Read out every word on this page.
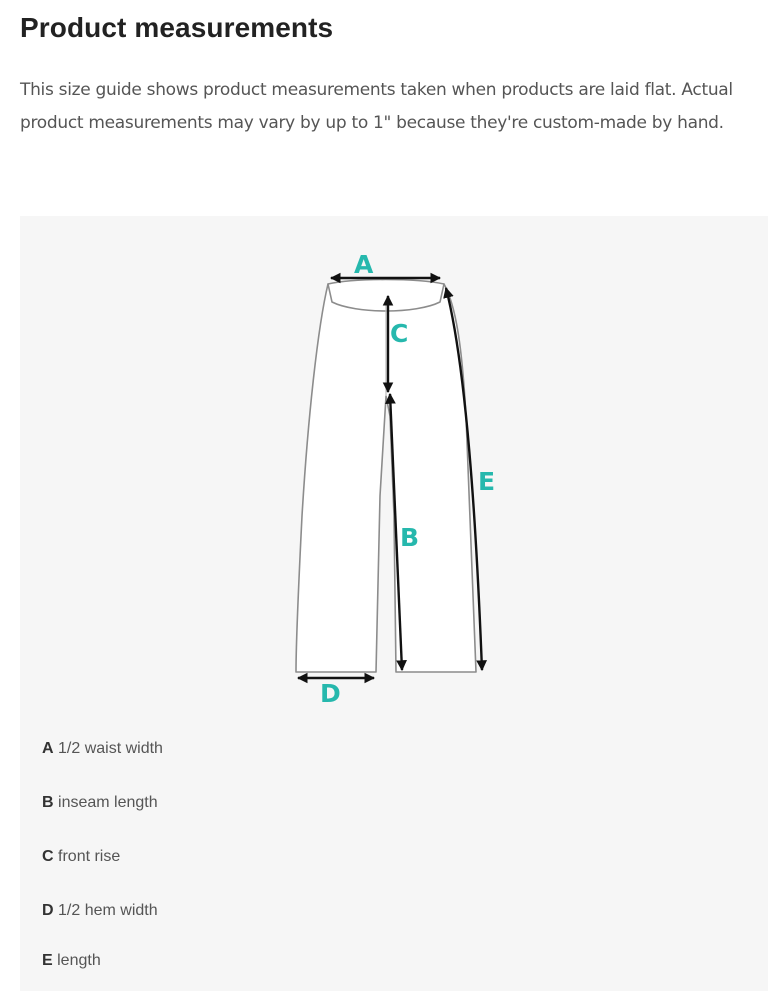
Product measurements

This size guide shows product measurements taken when products are laid flat. Actual product measurements may vary by up to 1" because they're custom-made by hand.

A
C
E
B
D
A 1/2 waist width
B inseam length
C front rise
D 1/2 hem width
E length
